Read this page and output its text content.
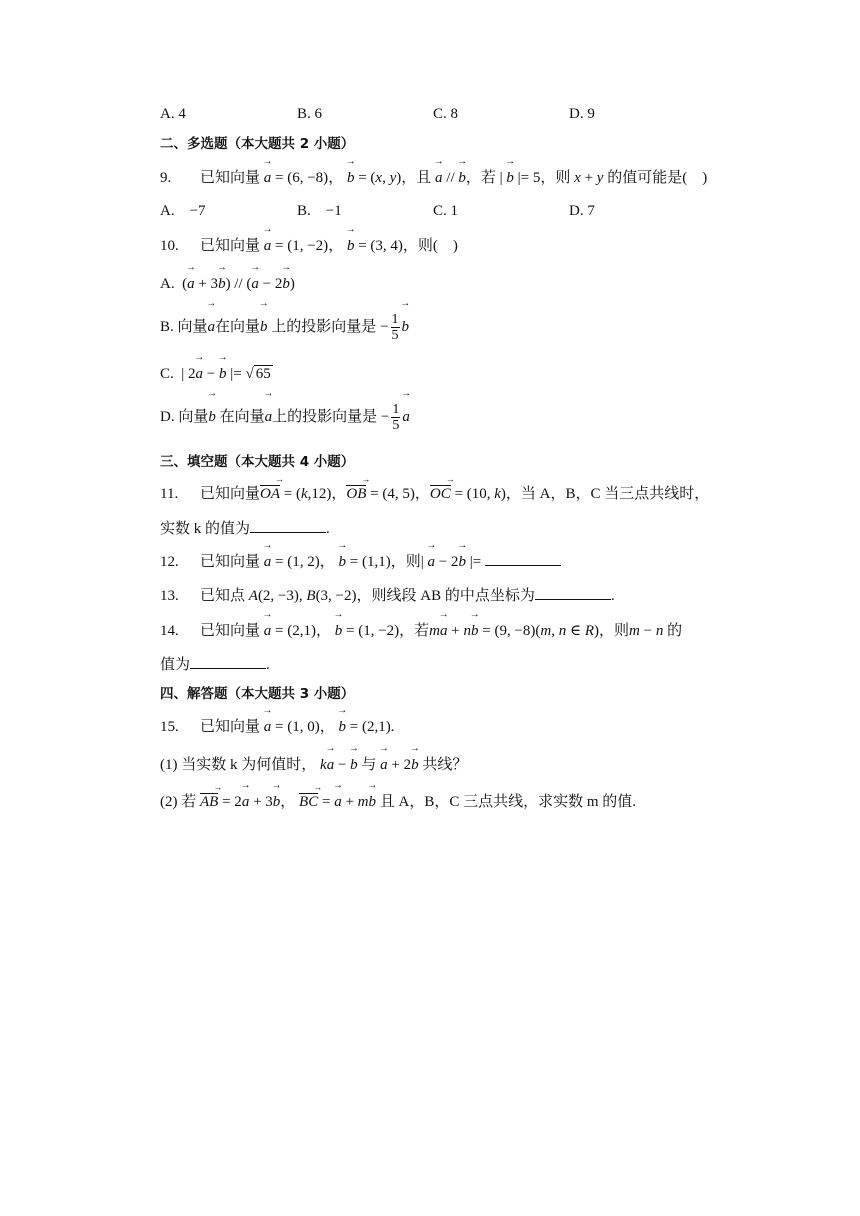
A. 4	B. 6	C. 8	D. 9
二、多选题（本大题共 2 小题）
9. 已知向量 → a = (6, −8)， → b = (x, y)，且 → a // → b，若 | → b |= 5，则 x + y 的值可能是(　)
A.　−7	B.　−1	C. 1	D. 7
10. 已知向量 → a = (1, −2)， → b = (3, 4)，则(　)
A.  (→ a + 3→ b) // (→ a − 2→ b)
B. 向量→ a在向量→ b 上的投影向量是 − $\frac{1}{5}$
→ b
C.  | 2→ a − → b |= √ 65
D. 向量→ b 在向量→ a上的投影向量是 − $\frac{1}{5}$
→ a
三、填空题（本大题共 4 小题）
11. 已知向量OA → = (k,12)，OB → = (4, 5)，OC → = (10, k)，当 A，B，C 当三点共线时，
实数 k 的值为	.
12. 已知向量 → a = (1, 2)， → b = (1,1)，则| → a − 2→ b |=
13. 已知点 A(2, −3), B(3, −2)，则线段 AB 的中点坐标为	.
14. 已知向量 → a = (2,1)， → b = (1, −2)，若m→ a + n→ b = (9, −8)(m, n ∈ R)，则m − n 的
值为	.
四、解答题（本大题共 3 小题）
15. 已知向量 → a = (1, 0)， → b = (2,1).
(1) 当实数 k 为何值时， k→ a − → b 与 → a + 2→ b 共线？
(2) 若 AB → = 2→ a + 3→ b， BC → = → a + m→ b 且 A，B，C 三点共线，求实数 m 的值.
